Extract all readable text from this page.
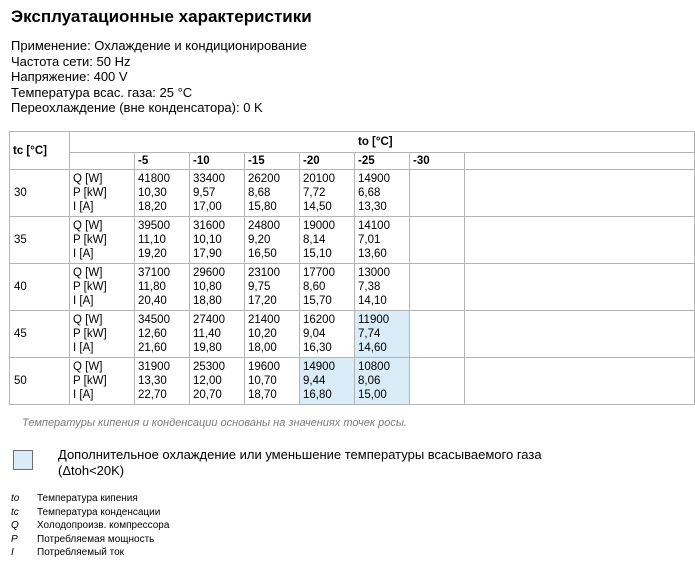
Эксплуатационные характеристики
Применение: Охлаждение и кондиционирование
Частота сети: 50 Hz
Напряжение: 400 V
Температура всас. газа: 25 °C
Переохлаждение (вне конденсатора): 0 K
tc [°C]	to [°C]							
		-5	-10	-15	-20	-25	-30	
30	Q [W]
P [kW]
I [A]	41800
10,30
18,20	33400
9,57
17,00	26200
8,68
15,80	20100
7,72
14,50	14900
6,68
13,30		

35	Q [W]
P [kW]
I [A]	39500
11,10
19,20	31600
10,10
17,90	24800
9,20
16,50	19000
8,14
15,10	14100
7,01
13,60		

40	Q [W]
P [kW]
I [A]	37100
11,80
20,40	29600
10,80
18,80	23100
9,75
17,20	17700
8,60
15,70	13000
7,38
14,10		

45	Q [W]
P [kW]
I [A]	34500
12,60
21,60	27400
11,40
19,80	21400
10,20
18,00	16200
9,04
16,30	11900
7,74
14,60		

50	Q [W]
P [kW]
I [A]	31900
13,30
22,70	25300
12,00
20,70	19600
10,70
18,70	14900
9,44
16,80	10800
8,06
15,00		

Температуры кипения и конденсации основаны на значениях точек росы.
Дополнительное охлаждение или уменьшение температуры всасываемого газа
(Δtoh<20K)
to	Температура кипения
tc	Температура конденсации
Q	Холодопроизв. компрессора
P	Потребляемая мощность
I	Потребляемый ток
